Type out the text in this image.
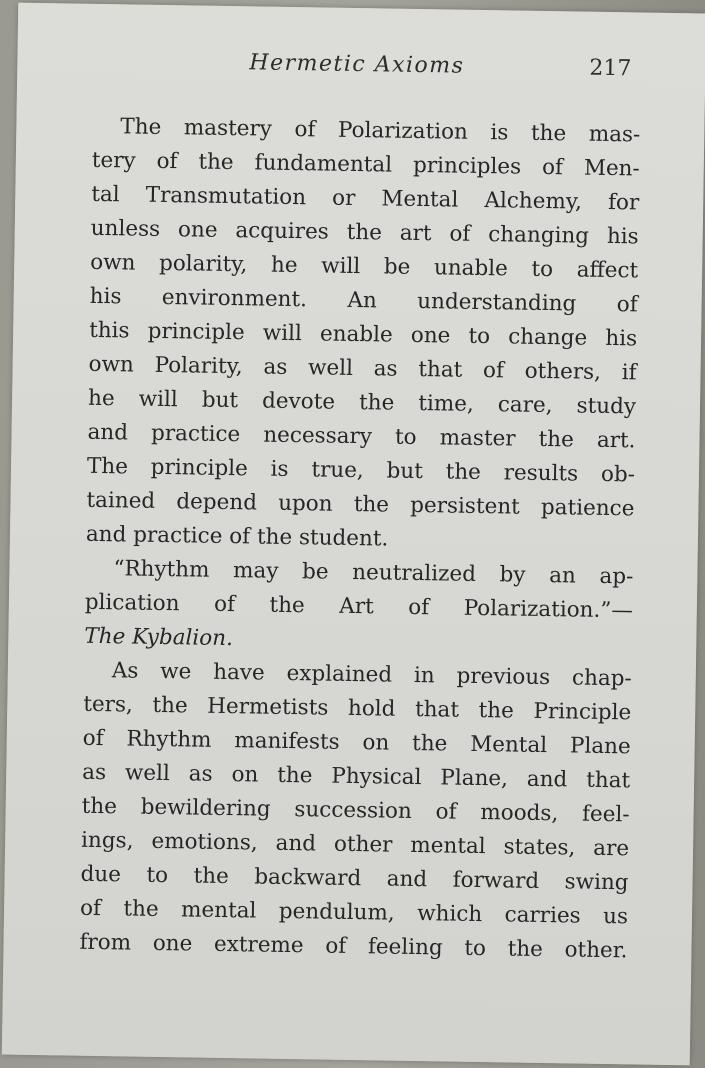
Hermetic Axioms	217
The mastery of Polarization is the mas-
tery of the fundamental principles of Men-
tal Transmutation or Mental Alchemy, for
unless one acquires the art of changing his
own polarity, he will be unable to affect
his environment. An understanding of
this principle will enable one to change his
own Polarity, as well as that of others, if
he will but devote the time, care, study
and practice necessary to master the art.
The principle is true, but the results ob-
tained depend upon the persistent patience
and practice of the student.
“Rhythm may be neutralized by an ap-
plication of the Art of Polarization.”—
The Kybalion.
As we have explained in previous chap-
ters, the Hermetists hold that the Principle
of Rhythm manifests on the Mental Plane
as well as on the Physical Plane, and that
the bewildering succession of moods, feel-
ings, emotions, and other mental states, are
due to the backward and forward swing
of the mental pendulum, which carries us
from one extreme of feeling to the other.
